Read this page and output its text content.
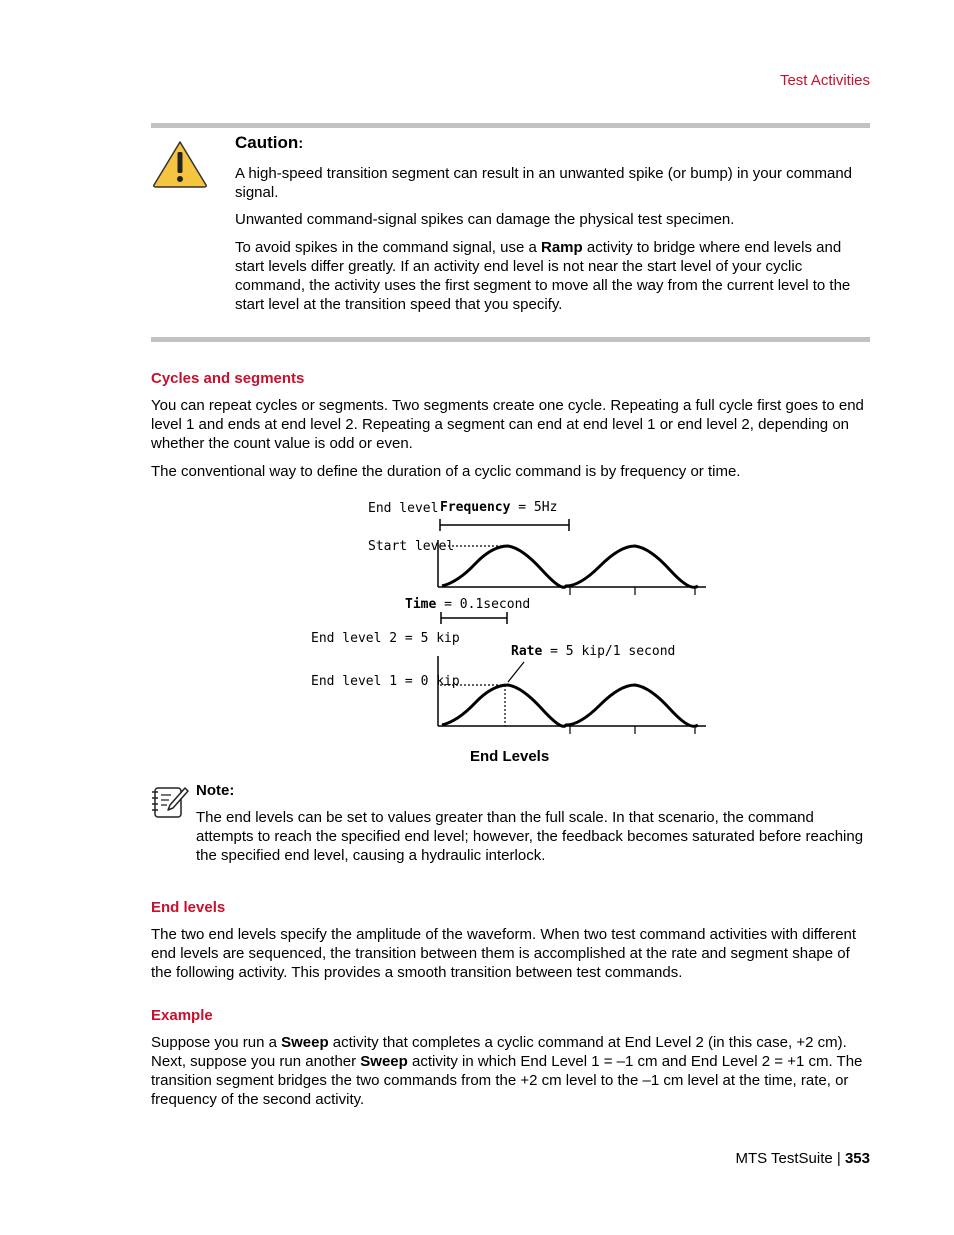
Test Activities
Caution:

A high-speed transition segment can result in an unwanted spike (or bump) in your command signal.

Unwanted command-signal spikes can damage the physical test specimen.

To avoid spikes in the command signal, use a Ramp activity to bridge where end levels and start levels differ greatly. If an activity end level is not near the start level of your cyclic command, the activity uses the first segment to move all the way from the current level to the start level at the transition speed that you specify.

Cycles and segments

You can repeat cycles or segments. Two segments create one cycle. Repeating a full cycle first goes to end level 1 and ends at end level 2. Repeating a segment can end at end level 1 or end level 2, depending on whether the count value is odd or even.

The conventional way to define the duration of a cyclic command is by frequency or time.

End level Frequency = 5Hz
Start level
Time = 0.1second
End level 2 = 5 kip
Rate = 5 kip/1 second
End level 1 = 0 kip
End Levels
Note:

The end levels can be set to values greater than the full scale. In that scenario, the command attempts to reach the specified end level; however, the feedback becomes saturated before reaching the specified end level, causing a hydraulic interlock.

End levels

The two end levels specify the amplitude of the waveform. When two test command activities with different end levels are sequenced, the transition between them is accomplished at the rate and segment shape of the following activity. This provides a smooth transition between test commands.

Example

Suppose you run a Sweep activity that completes a cyclic command at End Level 2 (in this case, +2 cm). Next, suppose you run another Sweep activity in which End Level 1 = –1 cm and End Level 2 = +1 cm. The transition segment bridges the two commands from the +2 cm level to the –1 cm level at the time, rate, or frequency of the second activity.

MTS TestSuite | 353
